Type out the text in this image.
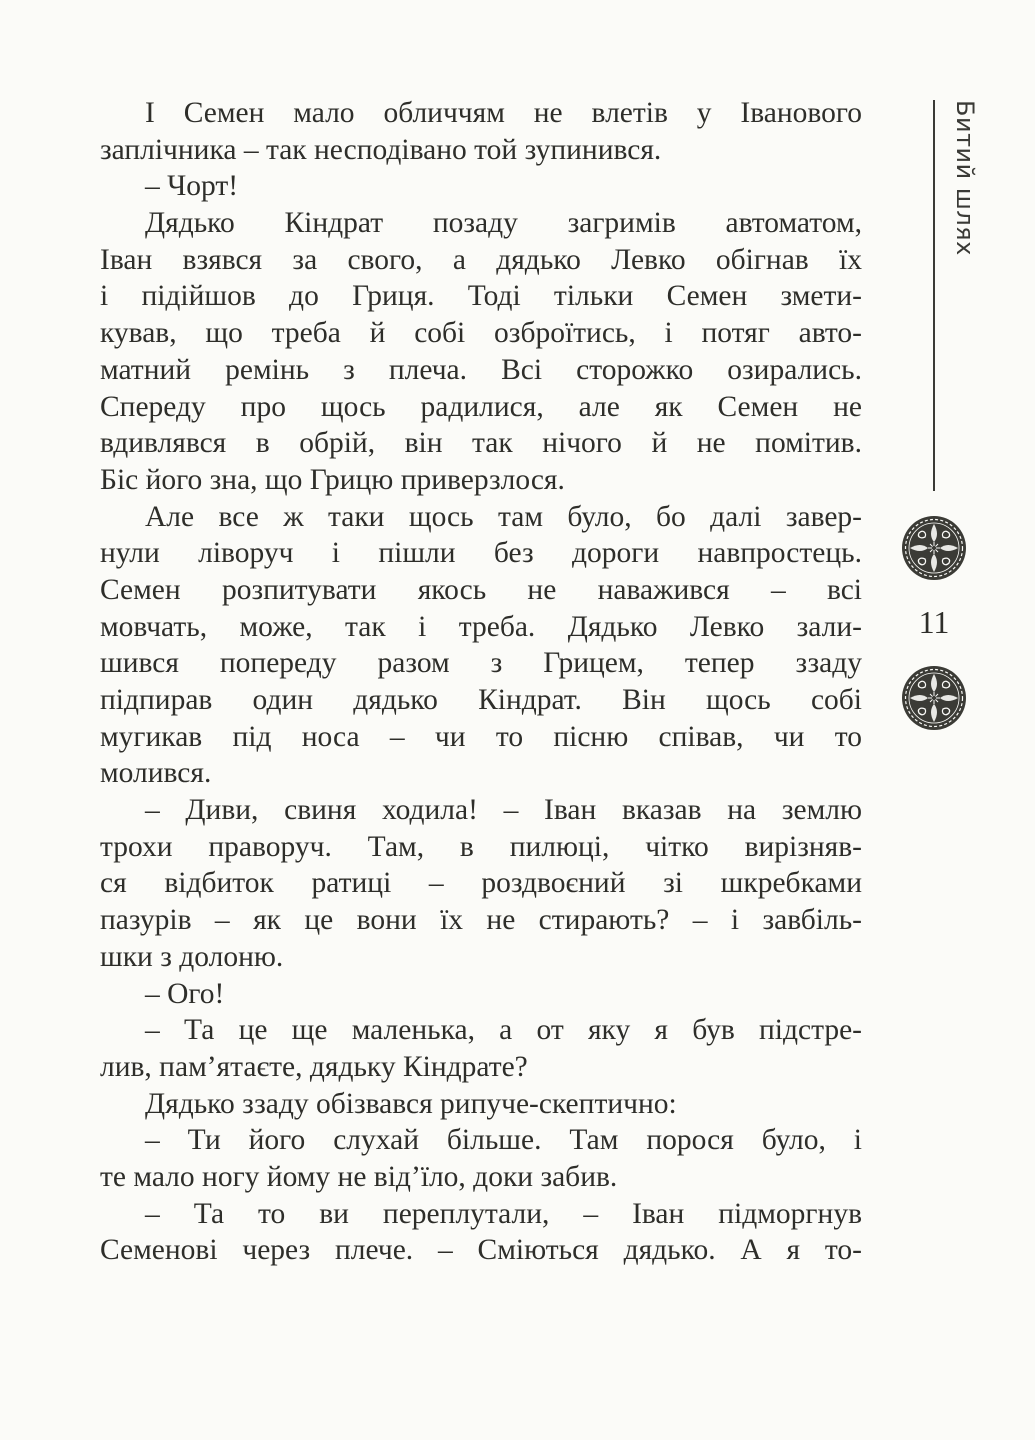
І Семен мало обличчям не влетів у Іванового
заплічника – так несподівано той зупинився.
– Чорт!
Дядько Кіндрат позаду загримів автоматом,
Іван взявся за свого, а дядько Левко обігнав їх
і підійшов до Гриця. Тоді тільки Семен змети-
кував, що треба й собі озброїтись, і потяг авто-
матний ремінь з плеча. Всі сторожко озирались.
Спереду про щось радилися, але як Семен не
вдивлявся в обрій, він так нічого й не помітив.
Біс його зна, що Грицю приверзлося.
Але все ж таки щось там було, бо далі завер-
нули ліворуч і пішли без дороги навпростець.
Семен розпитувати якось не наважився – всі
мовчать, може, так і треба. Дядько Левко зали-
шився попереду разом з Грицем, тепер ззаду
підпирав один дядько Кіндрат. Він щось собі
мугикав під носа – чи то пісню співав, чи то
молився.
– Диви, свиня ходила! – Іван вказав на землю
трохи праворуч. Там, в пилюці, чітко вирізняв-
ся відбиток ратиці – роздвоєний зі шкребками
пазурів – як це вони їх не стирають? – і завбіль-
шки з долоню.
– Ого!
– Та це ще маленька, а от яку я був підстре-
лив, пам’ятаєте, дядьку Кіндрате?
Дядько ззаду обізвався рипуче-скептично:
– Ти його слухай більше. Там порося було, і
те мало ногу йому не від’їло, доки забив.
– Та то ви переплутали, – Іван підморгнув
Семенові через плече. – Сміються дядько. А я то-
Битий шлях
11
